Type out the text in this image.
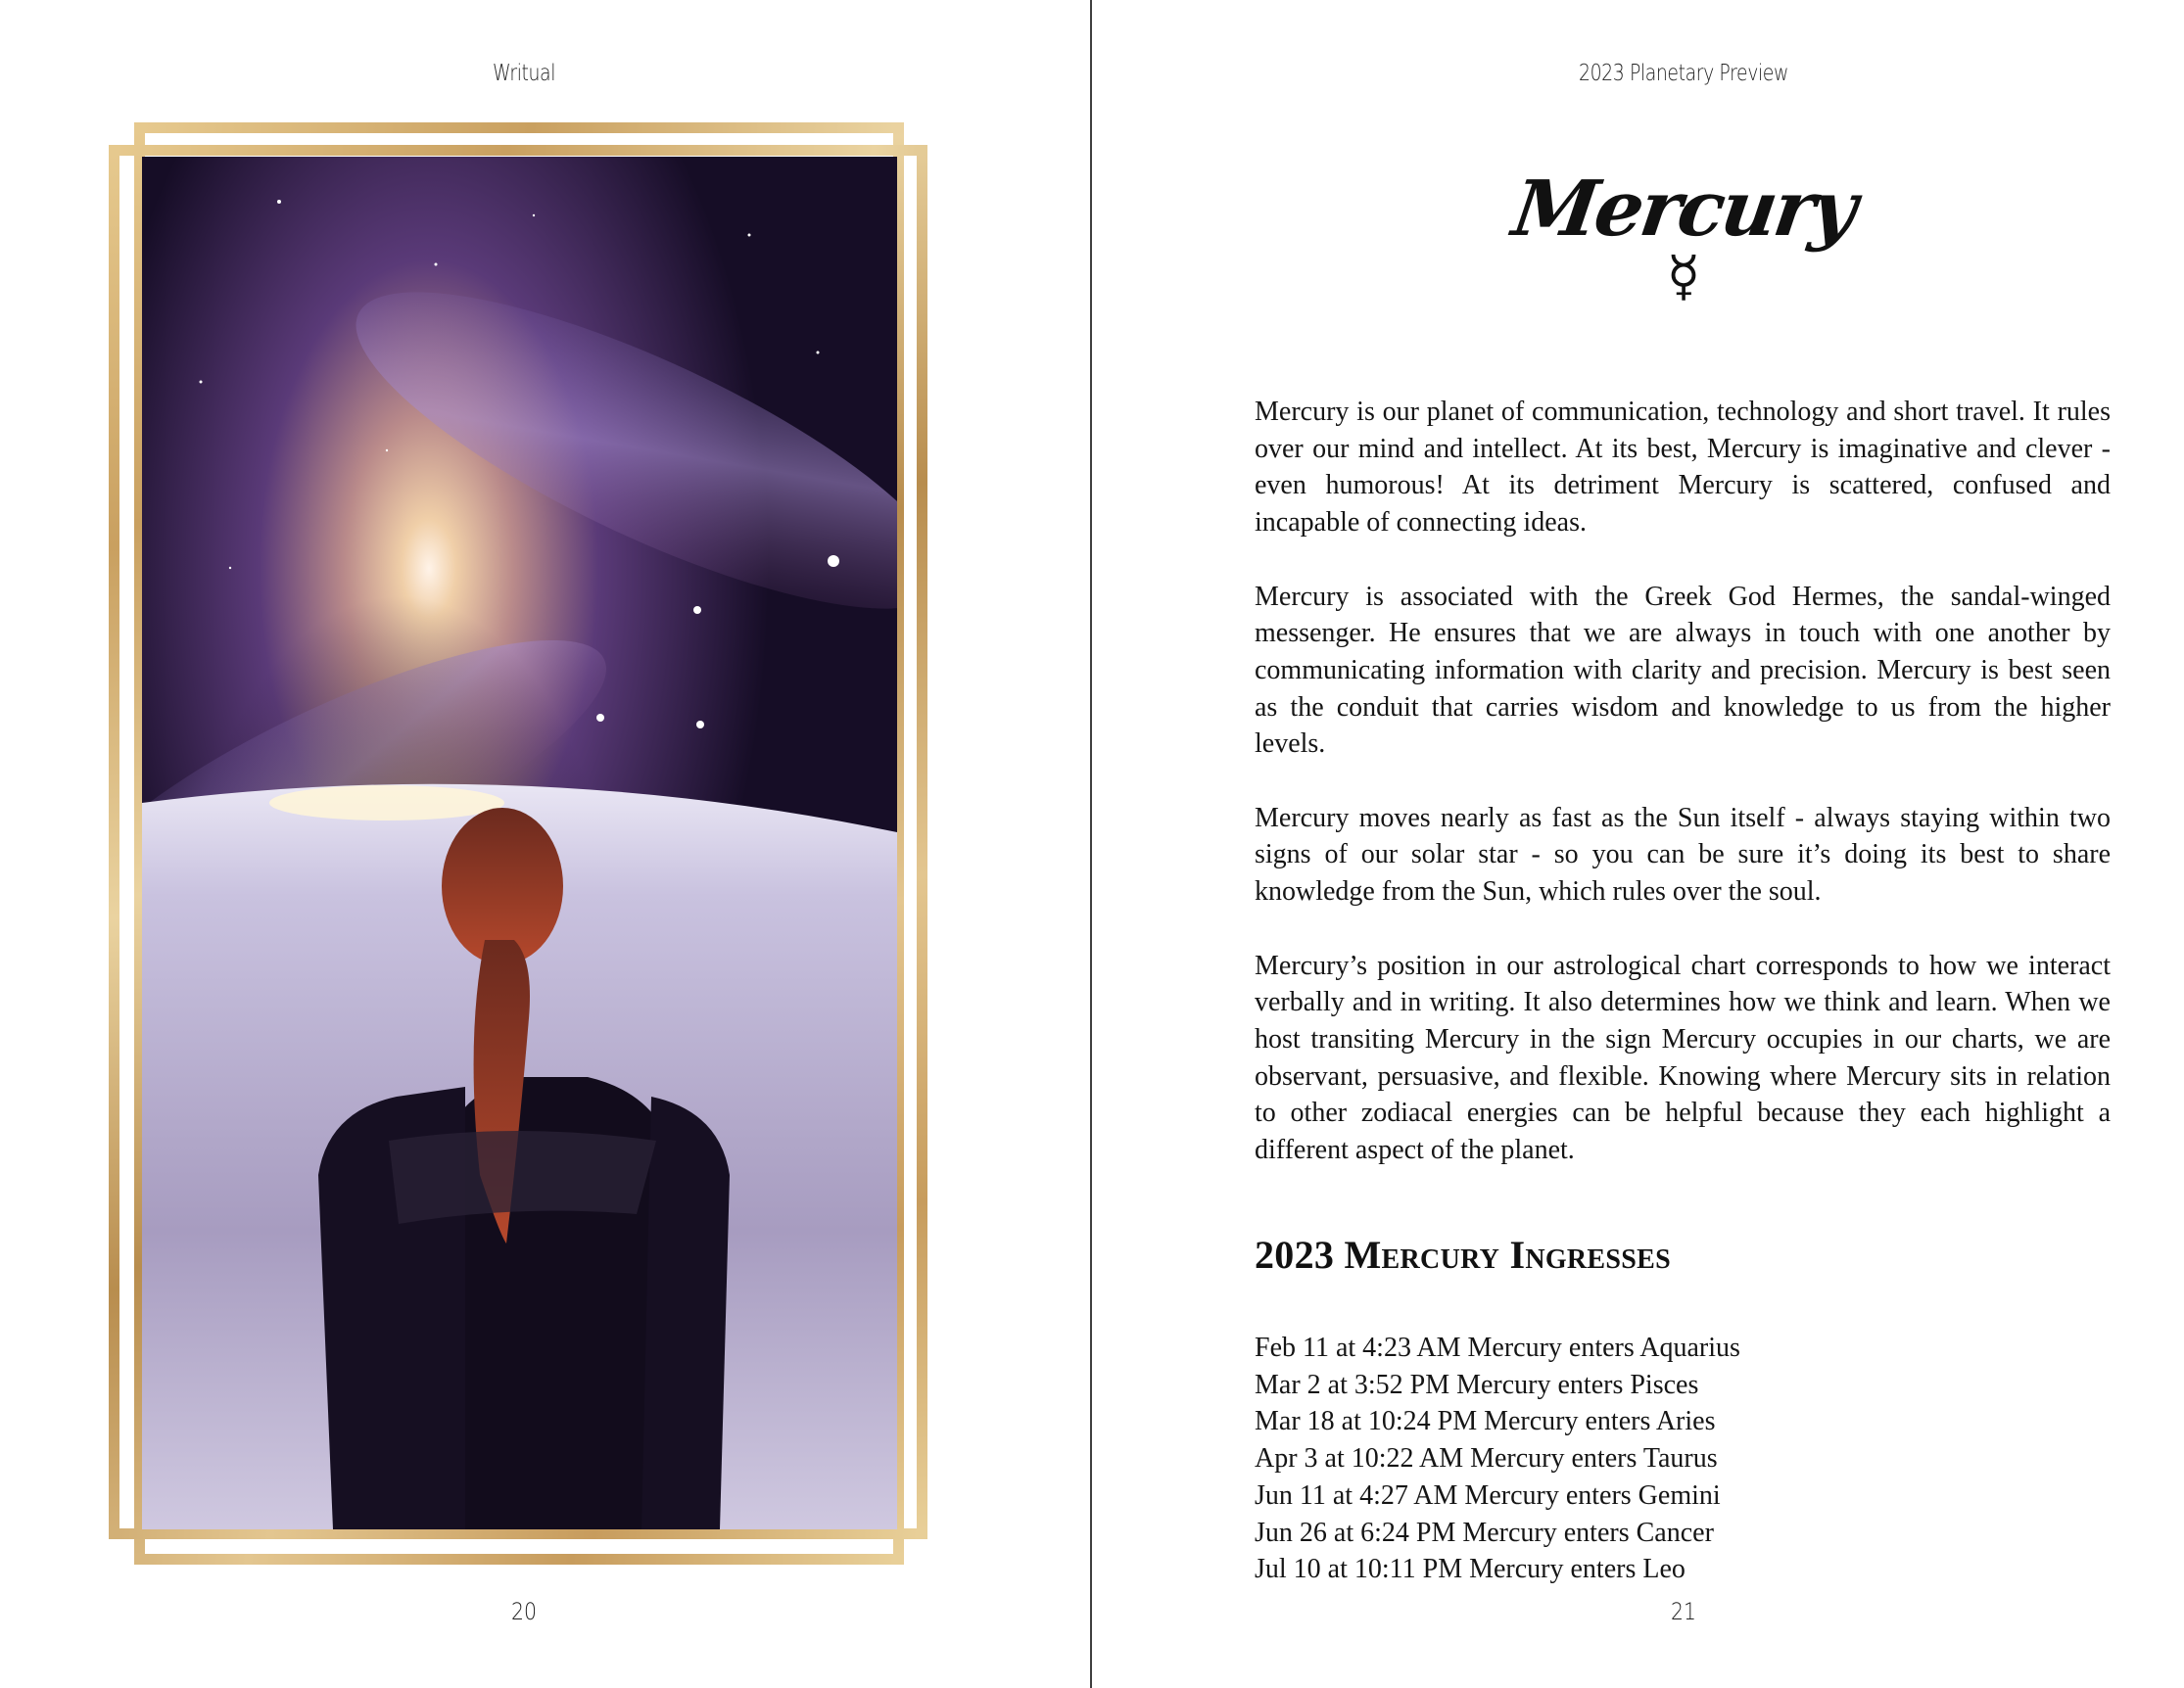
Writual
20
2023 Planetary Preview
Mercury
☿

Mercury is our planet of communication, technology and short travel. It rules over our mind and intellect. At its best, Mercury is imaginative and clever - even humorous! At its detriment Mercury is scattered, confused and incapable of connecting ideas.

Mercury is associated with the Greek God Hermes, the sandal-winged messenger. He ensures that we are always in touch with one another by communicating information with clarity and precision. Mercury is best seen as the conduit that carries wisdom and knowledge to us from the higher levels.

Mercury moves nearly as fast as the Sun itself - always staying within two signs of our solar star - so you can be sure it’s doing its best to share knowledge from the Sun, which rules over the soul.

Mercury’s position in our astrological chart corresponds to how we interact verbally and in writing. It also determines how we think and learn. When we host transiting Mercury in the sign Mercury occupies in our charts, we are observant, persuasive, and flexible. Knowing where Mercury sits in relation to other zodiacal energies can be helpful because they each highlight a different aspect of the planet.

2023 Mercury Ingresses
Feb 11 at 4:23 AM Mercury enters Aquarius
Mar 2 at 3:52 PM Mercury enters Pisces
Mar 18 at 10:24 PM Mercury enters Aries
Apr 3 at 10:22 AM Mercury enters Taurus
Jun 11 at 4:27 AM Mercury enters Gemini
Jun 26 at 6:24 PM Mercury enters Cancer
Jul 10 at 10:11 PM Mercury enters Leo
21
